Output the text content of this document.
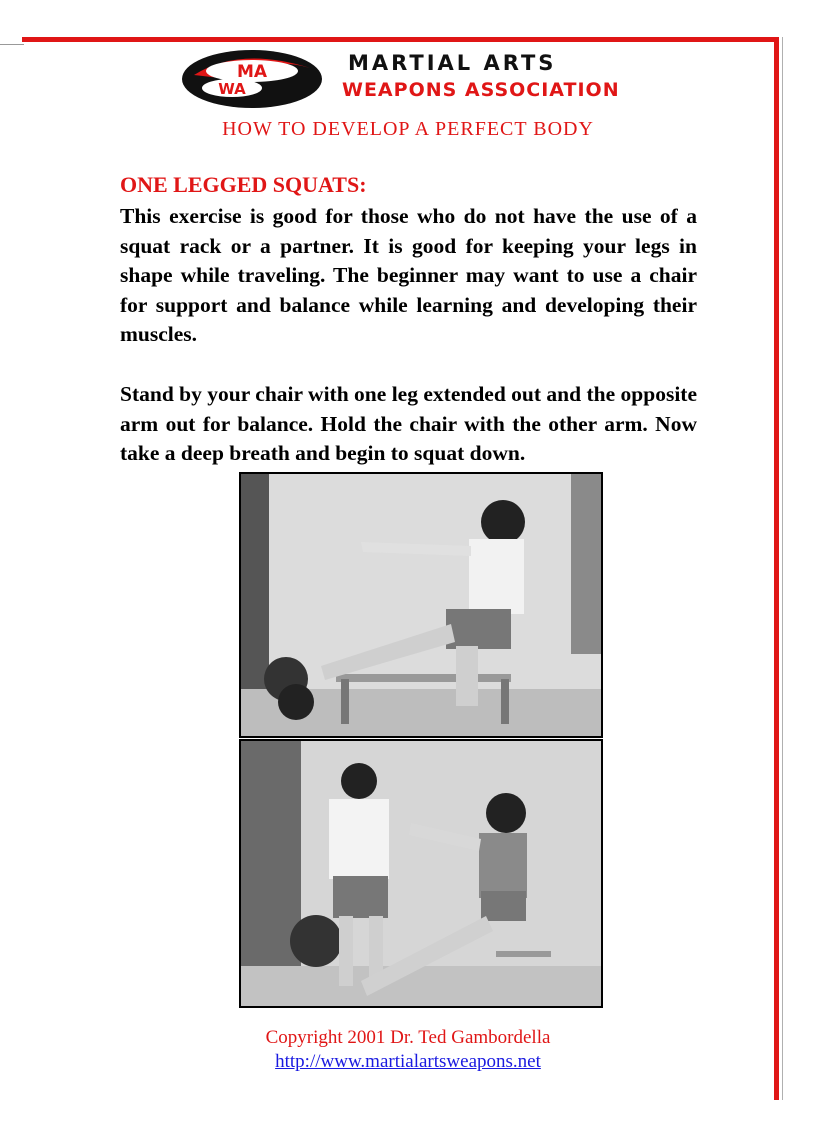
MA
WA
MARTIAL ARTS
WEAPONS ASSOCIATION
HOW TO DEVELOP A PERFECT BODY
ONE LEGGED SQUATS:
This exercise is good for those who do not have the use of a squat rack or a partner. It is good for keeping your legs in shape while traveling. The beginner may want to use a chair for support and balance while learning and developing their muscles.
Stand by your chair with one leg extended out and the opposite arm out for balance. Hold the chair with the other arm. Now take a deep breath and begin to squat down.
Copyright 2001 Dr. Ted Gambordella
http://www.martialartsweapons.net
